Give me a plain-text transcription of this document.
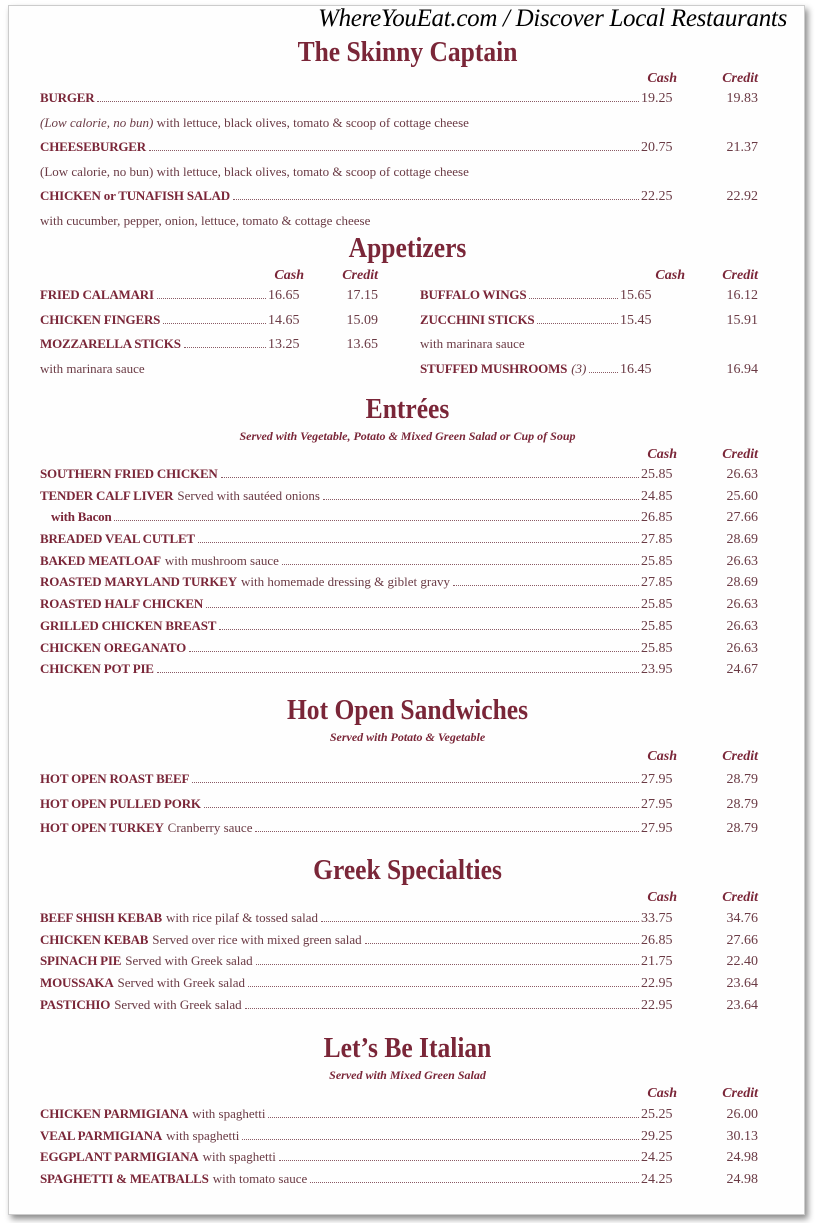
WhereYouEat.com / Discover Local Restaurants
The Skinny Captain
Cash	Credit
BURGER	19.25	19.83
(Low calorie, no bun) with lettuce, black olives, tomato & scoop of cottage cheese
CHEESEBURGER	20.75	21.37
(Low calorie, no bun) with lettuce, black olives, tomato & scoop of cottage cheese
CHICKEN or TUNAFISH SALAD	22.25	22.92
with cucumber, pepper, onion, lettuce, tomato & cottage cheese
Appetizers
Cash	Credit	Cash	Credit
FRIED CALAMARI	16.65	17.15
CHICKEN FINGERS	14.65	15.09
MOZZARELLA STICKS	13.25	13.65
with marinara sauce
BUFFALO WINGS	15.65	16.12
ZUCCHINI STICKS	15.45	15.91
with marinara sauce
STUFFED MUSHROOMS (3) 16.45	16.94
Entrées
Served with Vegetable, Potato & Mixed Green Salad or Cup of Soup
Cash	Credit
SOUTHERN FRIED CHICKEN	25.85	26.63
TENDER CALF LIVER Served with sautéed onions	24.85	25.60
with Bacon	26.85	27.66
BREADED VEAL CUTLET	27.85	28.69
BAKED MEATLOAF with mushroom sauce	25.85	26.63
ROASTED MARYLAND TURKEY with homemade dressing & giblet gravy	27.85	28.69
ROASTED HALF CHICKEN	25.85	26.63
GRILLED CHICKEN BREAST	25.85	26.63
CHICKEN OREGANATO	25.85	26.63
CHICKEN POT PIE	23.95	24.67
Hot Open Sandwiches
Served with Potato & Vegetable
Cash	Credit
HOT OPEN ROAST BEEF	27.95	28.79
HOT OPEN PULLED PORK	27.95	28.79
HOT OPEN TURKEY Cranberry sauce	27.95	28.79
Greek Specialties
Cash	Credit
BEEF SHISH KEBAB with rice pilaf & tossed salad	33.75	34.76
CHICKEN KEBAB Served over rice with mixed green salad	26.85	27.66
SPINACH PIE Served with Greek salad	21.75	22.40
MOUSSAKA Served with Greek salad	22.95	23.64
PASTICHIO Served with Greek salad	22.95	23.64
Let’s Be Italian
Served with Mixed Green Salad
Cash	Credit
CHICKEN PARMIGIANA with spaghetti	25.25	26.00
VEAL PARMIGIANA with spaghetti	29.25	30.13
EGGPLANT PARMIGIANA with spaghetti	24.25	24.98
SPAGHETTI & MEATBALLS with tomato sauce	24.25	24.98
